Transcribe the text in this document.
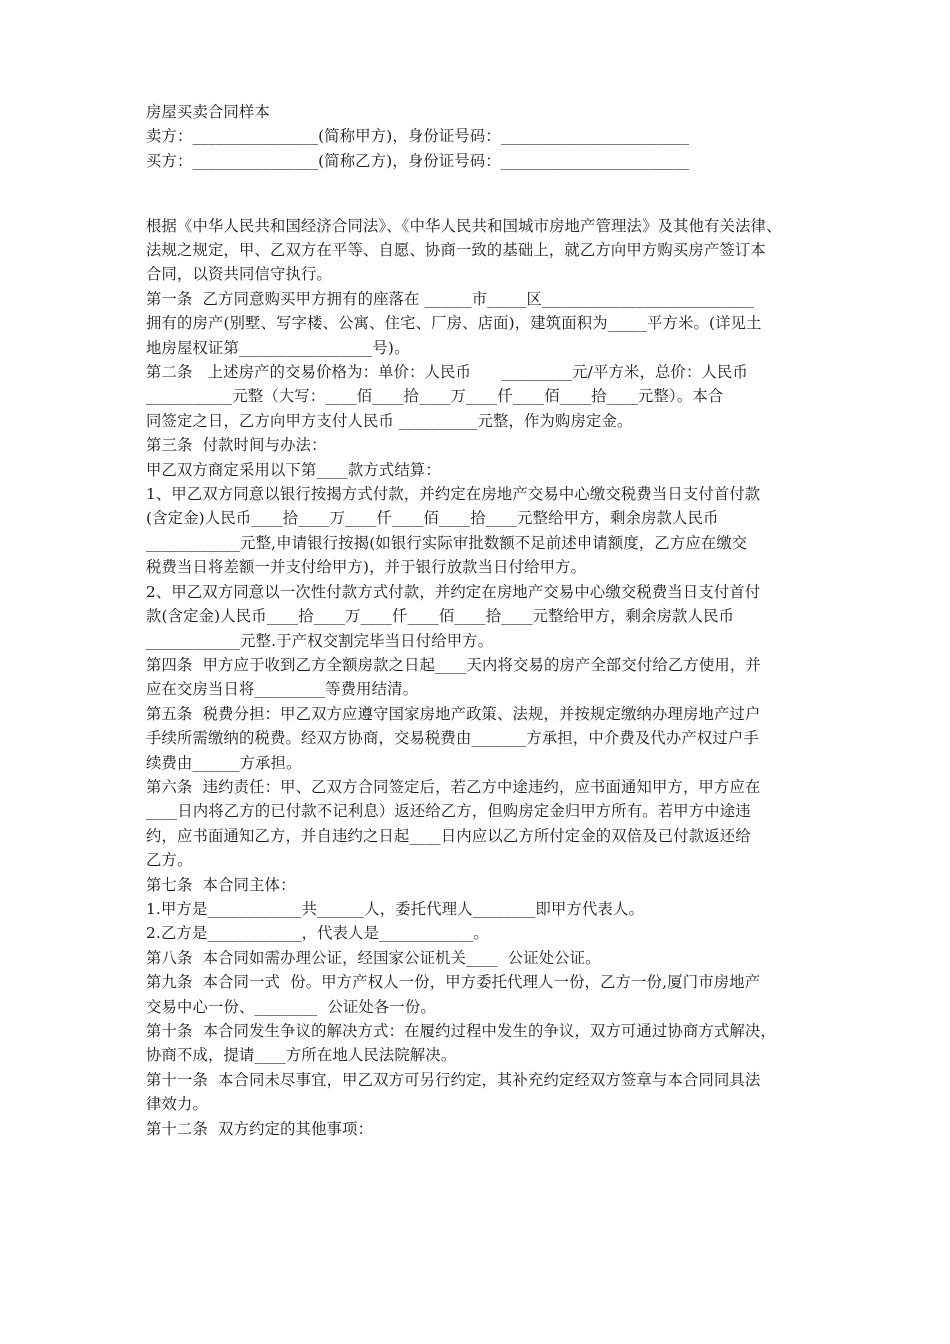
房屋买卖合同样本

卖方：________________(简称甲方)，身份证号码：________________________

买方：________________(简称乙方)，身份证号码：________________________

根据《中华人民共和国经济合同法》、《中华人民共和国城市房地产管理法》及其他有关法律、

法规之规定，甲、乙双方在平等、自愿、协商一致的基础上，就乙方向甲方购买房产签订本

合同，以资共同信守执行。

第一条  乙方同意购买甲方拥有的座落在 ______市_____区___________________________

拥有的房产(别墅、写字楼、公寓、住宅、厂房、店面)，建筑面积为_____平方米。(详见土

地房屋权证第_________________号)。

第二条   上述房产的交易价格为：单价：人民币      _________元/平方米，总价：人民币

___________元整（大写：____佰____拾____万____仟____佰____拾____元整）。本合

同签定之日，乙方向甲方支付人民币 __________元整，作为购房定金。

第三条  付款时间与办法：

甲乙双方商定采用以下第____款方式结算：

1、甲乙双方同意以银行按揭方式付款，并约定在房地产交易中心缴交税费当日支付首付款

(含定金)人民币____拾____万____仟____佰____拾____元整给甲方，剩余房款人民币

____________元整,申请银行按揭(如银行实际审批数额不足前述申请额度，乙方应在缴交

税费当日将差额一并支付给甲方)，并于银行放款当日付给甲方。

2、甲乙双方同意以一次性付款方式付款，并约定在房地产交易中心缴交税费当日支付首付

款(含定金)人民币____拾____万____仟____佰____拾____元整给甲方，剩余房款人民币

____________元整.于产权交割完毕当日付给甲方。

第四条  甲方应于收到乙方全额房款之日起____天内将交易的房产全部交付给乙方使用，并

应在交房当日将_________等费用结清。

第五条  税费分担：甲乙双方应遵守国家房地产政策、法规，并按规定缴纳办理房地产过户

手续所需缴纳的税费。经双方协商，交易税费由_______方承担，中介费及代办产权过户手

续费由______方承担。

第六条  违约责任：甲、乙双方合同签定后，若乙方中途违约，应书面通知甲方，甲方应在

____日内将乙方的已付款不记利息）返还给乙方，但购房定金归甲方所有。若甲方中途违

约，应书面通知乙方，并自违约之日起____日内应以乙方所付定金的双倍及已付款返还给

乙方。

第七条  本合同主体：

1.甲方是____________共______人，委托代理人________即甲方代表人。

2.乙方是____________，代表人是____________。

第八条  本合同如需办理公证，经国家公证机关____  公证处公证。

第九条  本合同一式  份。甲方产权人一份，甲方委托代理人一份，乙方一份,厦门市房地产

交易中心一份、________  公证处各一份。

第十条  本合同发生争议的解决方式：在履约过程中发生的争议，双方可通过协商方式解决，

协商不成，提请____方所在地人民法院解决。

第十一条  本合同未尽事宜，甲乙双方可另行约定，其补充约定经双方签章与本合同同具法

律效力。

第十二条  双方约定的其他事项：
